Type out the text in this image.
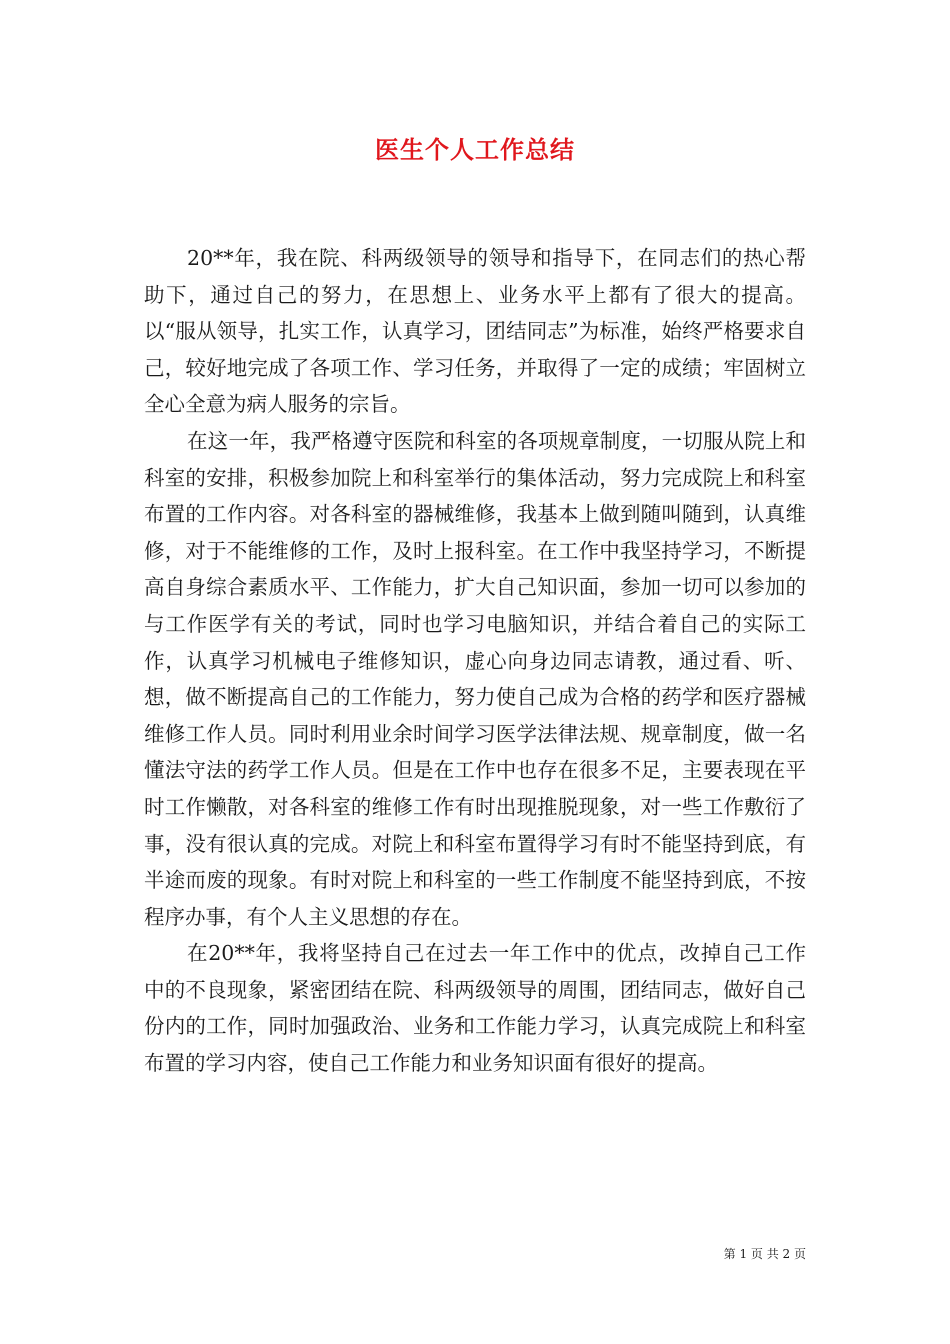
医生个人工作总结

20**年，我在院、科两级领导的领导和指导下，在同志们的热心帮助下，通过自己的努力，在思想上、业务水平上都有了很大的提高。以“服从领导，扎实工作，认真学习，团结同志”为标准，始终严格要求自己，较好地完成了各项工作、学习任务，并取得了一定的成绩；牢固树立全心全意为病人服务的宗旨。

在这一年，我严格遵守医院和科室的各项规章制度，一切服从院上和科室的安排，积极参加院上和科室举行的集体活动，努力完成院上和科室布置的工作内容。对各科室的器械维修，我基本上做到随叫随到，认真维修，对于不能维修的工作，及时上报科室。在工作中我坚持学习，不断提高自身综合素质水平、工作能力，扩大自己知识面，参加一切可以参加的与工作医学有关的考试，同时也学习电脑知识，并结合着自己的实际工作，认真学习机械电子维修知识，虚心向身边同志请教，通过看、听、想，做不断提高自己的工作能力，努力使自己成为合格的药学和医疗器械维修工作人员。同时利用业余时间学习医学法律法规、规章制度，做一名懂法守法的药学工作人员。但是在工作中也存在很多不足，主要表现在平时工作懒散，对各科室的维修工作有时出现推脱现象，对一些工作敷衍了事，没有很认真的完成。对院上和科室布置得学习有时不能坚持到底，有半途而废的现象。有时对院上和科室的一些工作制度不能坚持到底，不按程序办事，有个人主义思想的存在。

在20**年，我将坚持自己在过去一年工作中的优点，改掉自己工作中的不良现象，紧密团结在院、科两级领导的周围，团结同志，做好自己份内的工作，同时加强政治、业务和工作能力学习，认真完成院上和科室布置的学习内容，使自己工作能力和业务知识面有很好的提高。

第 1 页 共 2 页
